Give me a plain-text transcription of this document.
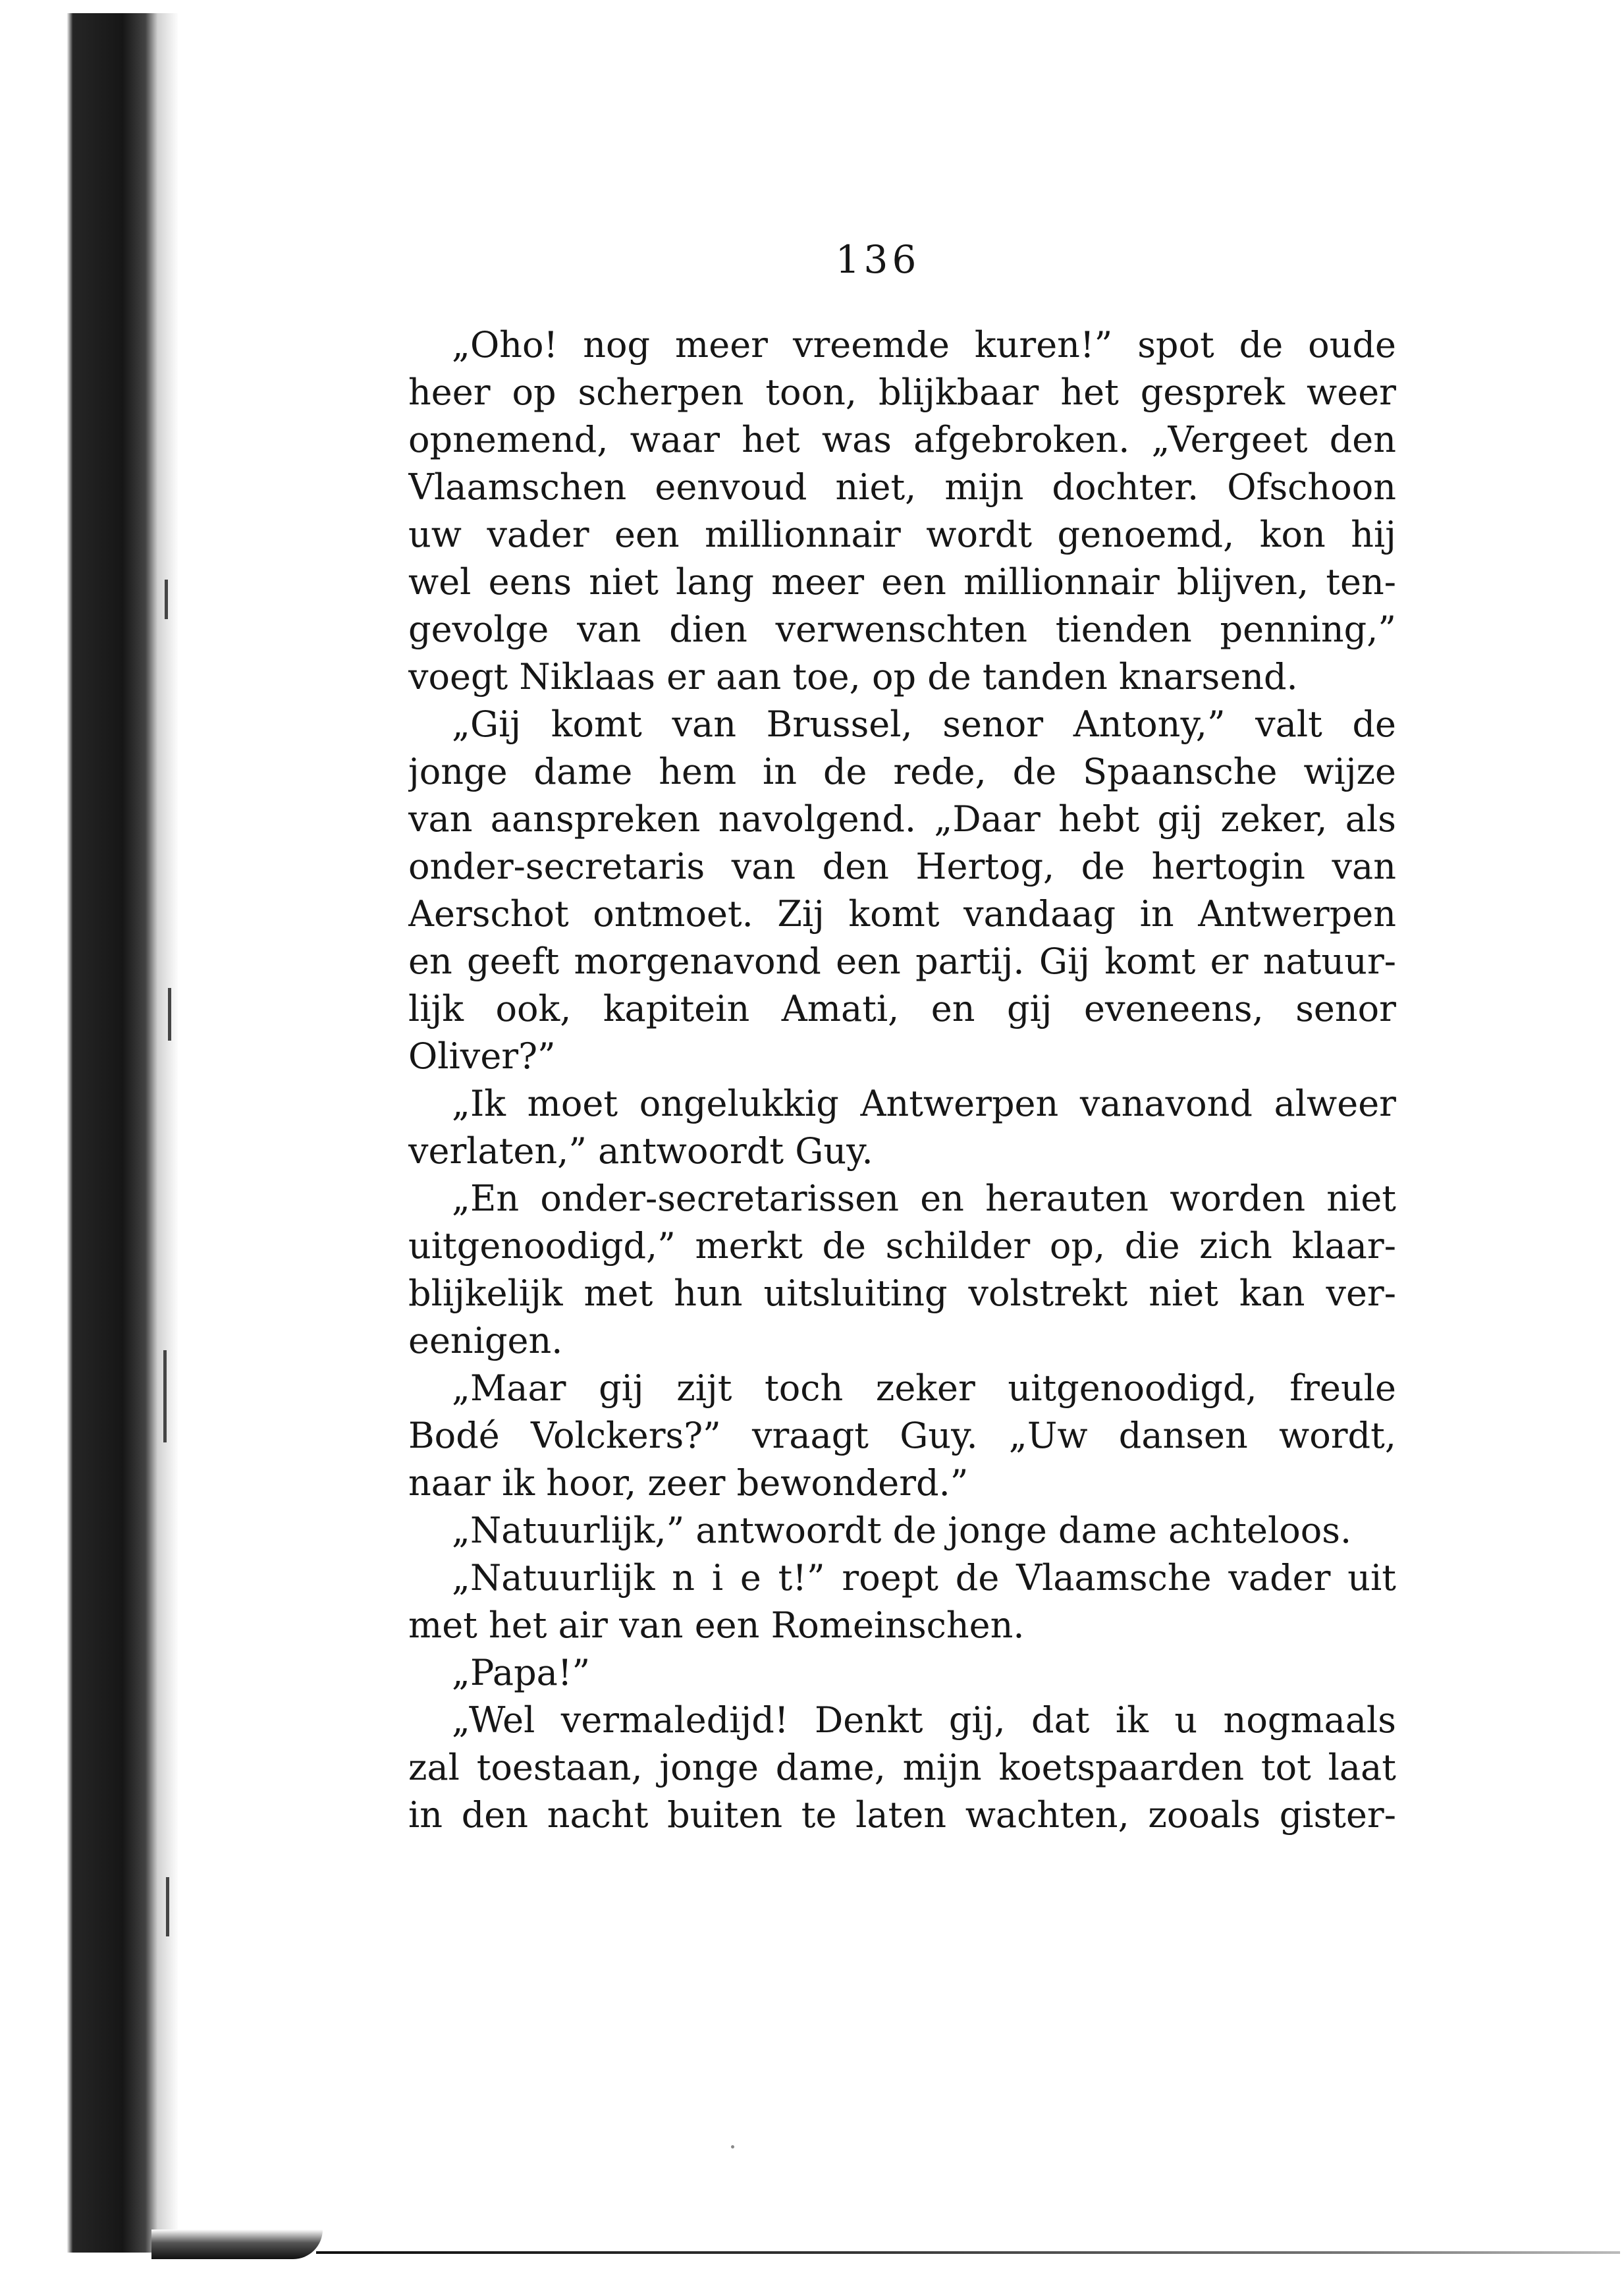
136
„Oho! nog meer vreemde kuren!” spot de oude
heer op scherpen toon, blijkbaar het gesprek weer
opnemend, waar het was afgebroken. „Vergeet den
Vlaamschen eenvoud niet, mijn dochter. Ofschoon
uw vader een millionnair wordt genoemd, kon hij
wel eens niet lang meer een millionnair blijven, ten-
gevolge van dien verwenschten tienden penning,”
voegt Niklaas er aan toe, op de tanden knarsend.
„Gij komt van Brussel, senor Antony,” valt de
jonge dame hem in de rede, de Spaansche wijze
van aanspreken navolgend. „Daar hebt gij zeker, als
onder-secretaris van den Hertog, de hertogin van
Aerschot ontmoet. Zij komt vandaag in Antwerpen
en geeft morgenavond een partij. Gij komt er natuur-
lijk ook, kapitein Amati, en gij eveneens, senor
Oliver?”
„Ik moet ongelukkig Antwerpen vanavond alweer
verlaten,” antwoordt Guy.
„En onder-secretarissen en herauten worden niet
uitgenoodigd,” merkt de schilder op, die zich klaar-
blijkelijk met hun uitsluiting volstrekt niet kan ver-
eenigen.
„Maar gij zijt toch zeker uitgenoodigd, freule
Bodé Volckers?” vraagt Guy. „Uw dansen wordt,
naar ik hoor, zeer bewonderd.”
„Natuurlijk,” antwoordt de jonge dame achteloos.
„Natuurlijk n i e t!” roept de Vlaamsche vader uit
met het air van een Romeinschen.
„Papa!”
„Wel vermaledijd! Denkt gij, dat ik u nogmaals
zal toestaan, jonge dame, mijn koetspaarden tot laat
in den nacht buiten te laten wachten, zooals gister-
